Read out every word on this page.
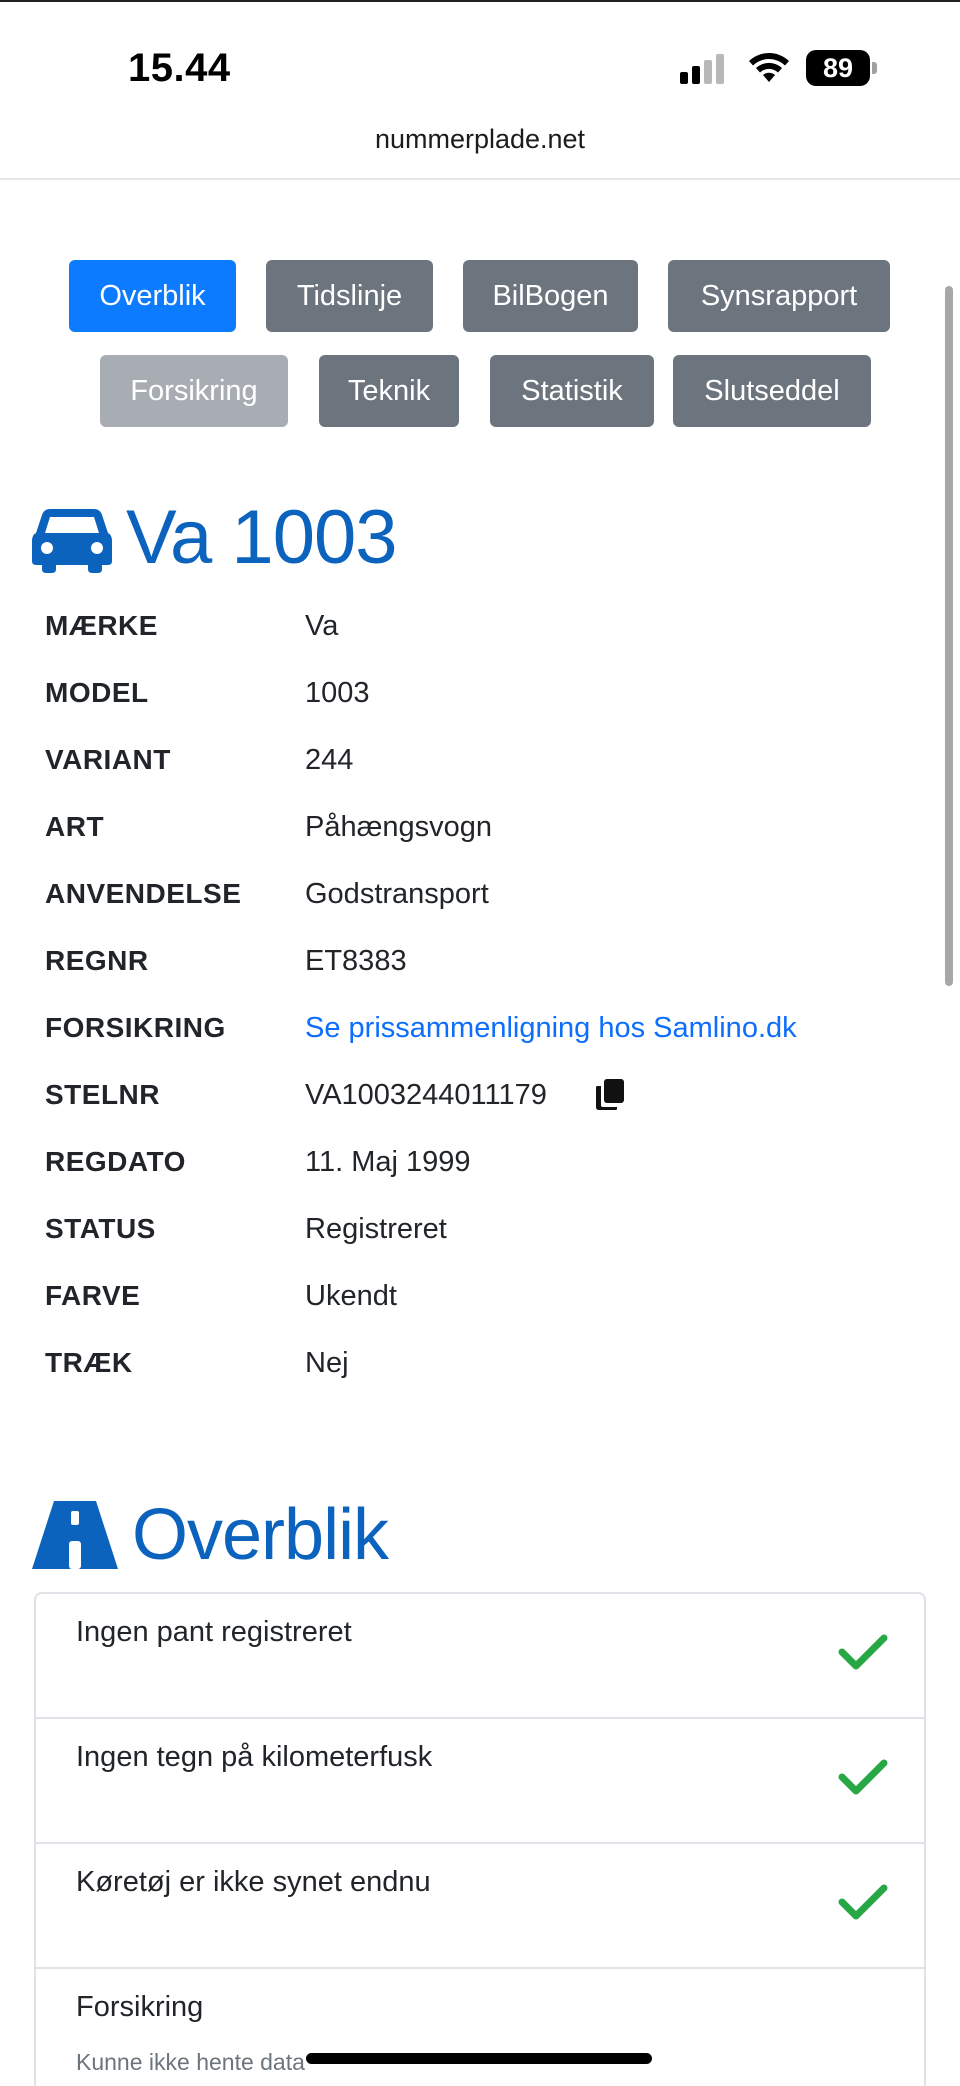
15.44	89
nummerplade.net
Overblik	Tidslinje	BilBogen	Synsrapport
Forsikring	Teknik	Statistik	Slutseddel
Va 1003
MÆRKE	Va
MODEL	1003
VARIANT	244
ART	Påhængsvogn
ANVENDELSE Godstransport
REGNR	ET8383
FORSIKRING	Se prissammenligning hos Samlino.dk
STELNR	VA1003244011179
REGDATO	11. Maj 1999
STATUS	Registreret
FARVE	Ukendt
TRÆK	Nej
Overblik
Ingen pant registreret
Ingen tegn på kilometerfusk
Køretøj er ikke synet endnu
Forsikring
Kunne ikke hente data
